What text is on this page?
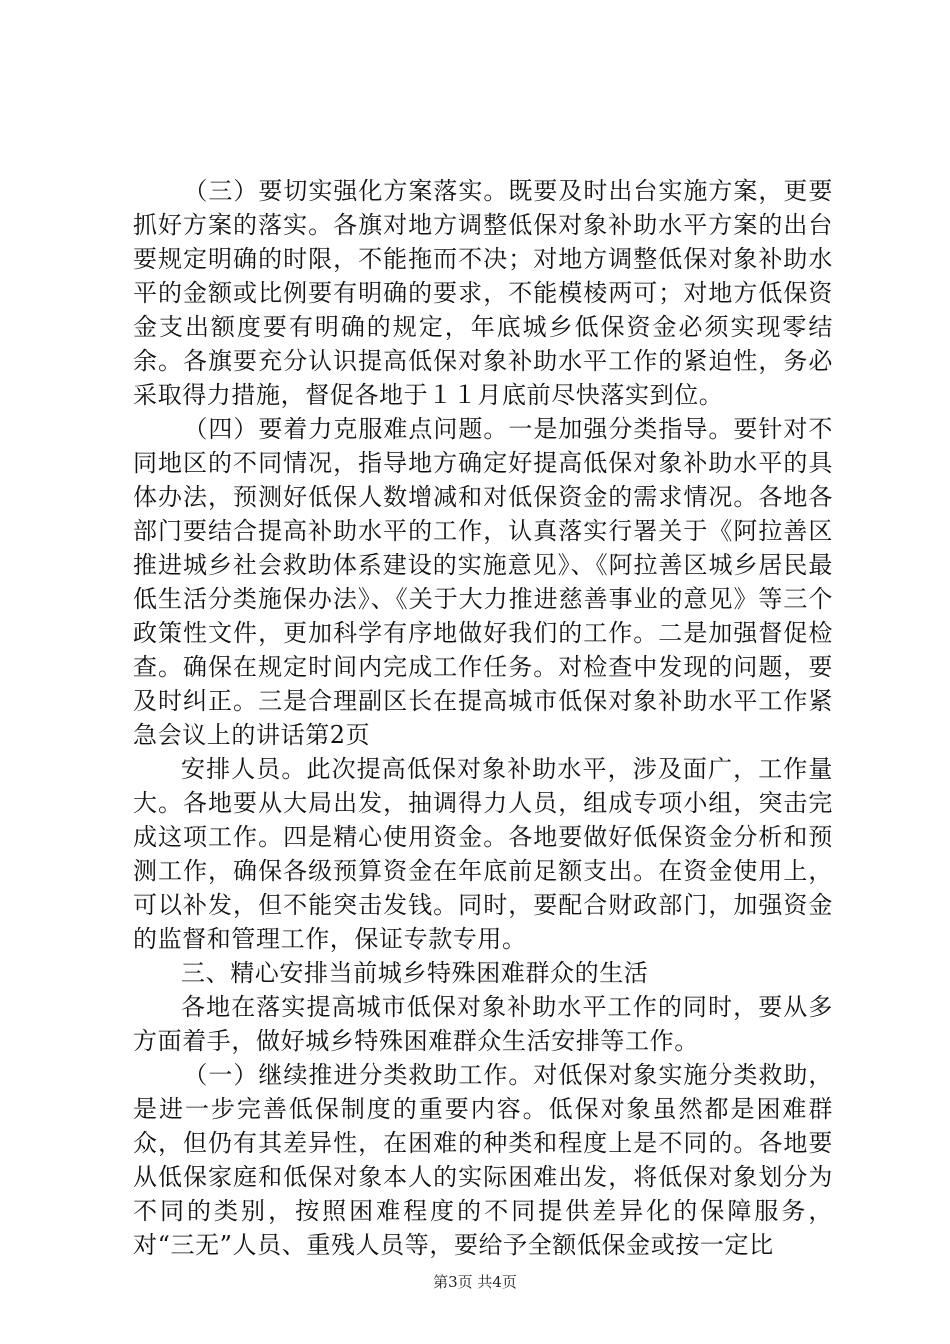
（三）要切实强化方案落实。既要及时出台实施方案，更要抓好方案的落实。各旗对地方调整低保对象补助水平方案的出台要规定明确的时限，不能拖而不决；对地方调整低保对象补助水平的金额或比例要有明确的要求，不能模棱两可；对地方低保资金支出额度要有明确的规定，年底城乡低保资金必须实现零结余。各旗要充分认识提高低保对象补助水平工作的紧迫性，务必采取得力措施，督促各地于１１月底前尽快落实到位。

（四）要着力克服难点问题。一是加强分类指导。要针对不同地区的不同情况，指导地方确定好提高低保对象补助水平的具体办法，预测好低保人数增减和对低保资金的需求情况。各地各部门要结合提高补助水平的工作，认真落实行署关于《阿拉善区推进城乡社会救助体系建设的实施意见》、《阿拉善区城乡居民最低生活分类施保办法》、《关于大力推进慈善事业的意见》等三个政策性文件，更加科学有序地做好我们的工作。二是加强督促检查。确保在规定时间内完成工作任务。对检查中发现的问题，要及时纠正。三是合理副区长在提高城市低保对象补助水平工作紧急会议上的讲话第2页

安排人员。此次提高低保对象补助水平，涉及面广，工作量大。各地要从大局出发，抽调得力人员，组成专项小组，突击完成这项工作。四是精心使用资金。各地要做好低保资金分析和预测工作，确保各级预算资金在年底前足额支出。在资金使用上，可以补发，但不能突击发钱。同时，要配合财政部门，加强资金的监督和管理工作，保证专款专用。

三、精心安排当前城乡特殊困难群众的生活

各地在落实提高城市低保对象补助水平工作的同时，要从多方面着手，做好城乡特殊困难群众生活安排等工作。

（一）继续推进分类救助工作。对低保对象实施分类救助，是进一步完善低保制度的重要内容。低保对象虽然都是困难群众，但仍有其差异性，在困难的种类和程度上是不同的。各地要从低保家庭和低保对象本人的实际困难出发，将低保对象划分为不同的类别，按照困难程度的不同提供差异化的保障服务，对“三无”人员、重残人员等，要给予全额低保金或按一定比

第3页 共4页
